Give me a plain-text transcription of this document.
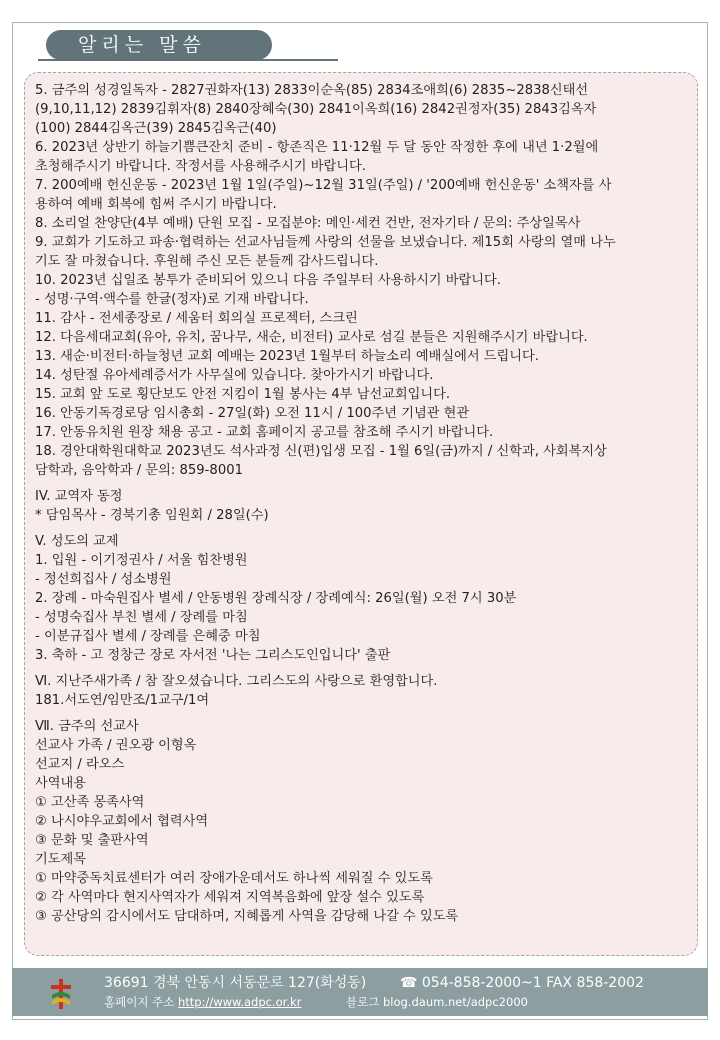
알리는 말씀
5. 금주의 성경일독자 - 2827권화자(13) 2833이순옥(85) 2834조애희(6) 2835~2838신태선
(9,10,11,12) 2839김휘자(8) 2840장혜숙(30) 2841이옥희(16) 2842권정자(35) 2843김옥자
(100) 2844김옥근(39) 2845김옥근(40)
6. 2023년 상반기 하늘기쁨큰잔치 준비 - 항존직은 11·12월 두 달 동안 작정한 후에 내년 1·2월에
초청해주시기 바랍니다. 작정서를 사용해주시기 바랍니다.
7. 200예배 헌신운동 - 2023년 1월 1일(주일)~12월 31일(주일) / '200예배 헌신운동' 소책자를 사
용하여 예배 회복에 힘써 주시기 바랍니다.
8. 소리얼 찬양단(4부 예배) 단원 모집 - 모집분야: 메인·세컨 건반, 전자기타 / 문의: 주상일목사
9. 교회가 기도하고 파송·협력하는 선교사님들께 사랑의 선물을 보냈습니다. 제15회 사랑의 열매 나누
기도 잘 마쳤습니다. 후원해 주신 모든 분들께 감사드립니다.
10. 2023년 십일조 봉투가 준비되어 있으니 다음 주일부터 사용하시기 바랍니다.
- 성명·구역·액수를 한글(정자)로 기재 바랍니다.
11. 감사 - 전세종장로 / 세움터 회의실 프로젝터, 스크린
12. 다음세대교회(유아, 유치, 꿈나무, 새순, 비전터) 교사로 섬길 분들은 지원해주시기 바랍니다.
13. 새순·비전터·하늘청년 교회 예배는 2023년 1월부터 하늘소리 예배실에서 드립니다.
14. 성탄절 유아세례증서가 사무실에 있습니다. 찾아가시기 바랍니다.
15. 교회 앞 도로 횡단보도 안전 지킴이 1월 봉사는 4부 남선교회입니다.
16. 안동기독경로당 임시총회 - 27일(화) 오전 11시 / 100주년 기념관 현관
17. 안동유치원 원장 채용 공고 - 교회 홈페이지 공고를 참조해 주시기 바랍니다.
18. 경안대학원대학교 2023년도 석사과정 신(편)입생 모집 - 1월 6일(금)까지 / 신학과, 사회복지상
담학과, 음악학과 / 문의: 859-8001
IV. 교역자 동정
* 담임목사 - 경북기총 임원회 / 28일(수)
V. 성도의 교제
1. 입원 - 이기정권사 / 서울 힘찬병원
- 정선희집사 / 성소병원
2. 장례 - 마숙원집사 별세 / 안동병원 장례식장 / 장례예식: 26일(월) 오전 7시 30분
- 성명숙집사 부친 별세 / 장례를 마침
- 이분규집사 별세 / 장례를 은혜중 마침
3. 축하 - 고 정창근 장로 자서전 '나는 그리스도인입니다' 출판
Ⅵ. 지난주새가족 / 참 잘오셨습니다. 그리스도의 사랑으로 환영합니다.
181.서도연/임만조/1교구/1여
Ⅶ. 금주의 선교사
선교사 가족 / 권오광 이형옥
선교지 / 라오스
사역내용
① 고산족 몽족사역
② 나시야우교회에서 협력사역
③ 문화 및 출판사역
기도제목
① 마약중독치료센터가 여러 장애가운데서도 하나씩 세워질 수 있도록
② 각 사역마다 현지사역자가 세워져 지역복음화에 앞장 설수 있도록
③ 공산당의 감시에서도 담대하며, 지혜롭게 사역을 감당해 나갈 수 있도록
36691 경북 안동시 서동문로 127(화성동) ☎ 054-858-2000~1 FAX 858-2002
홈페이지 주소 http://www.adpc.or.kr	블로그 blog.daum.net/adpc2000
